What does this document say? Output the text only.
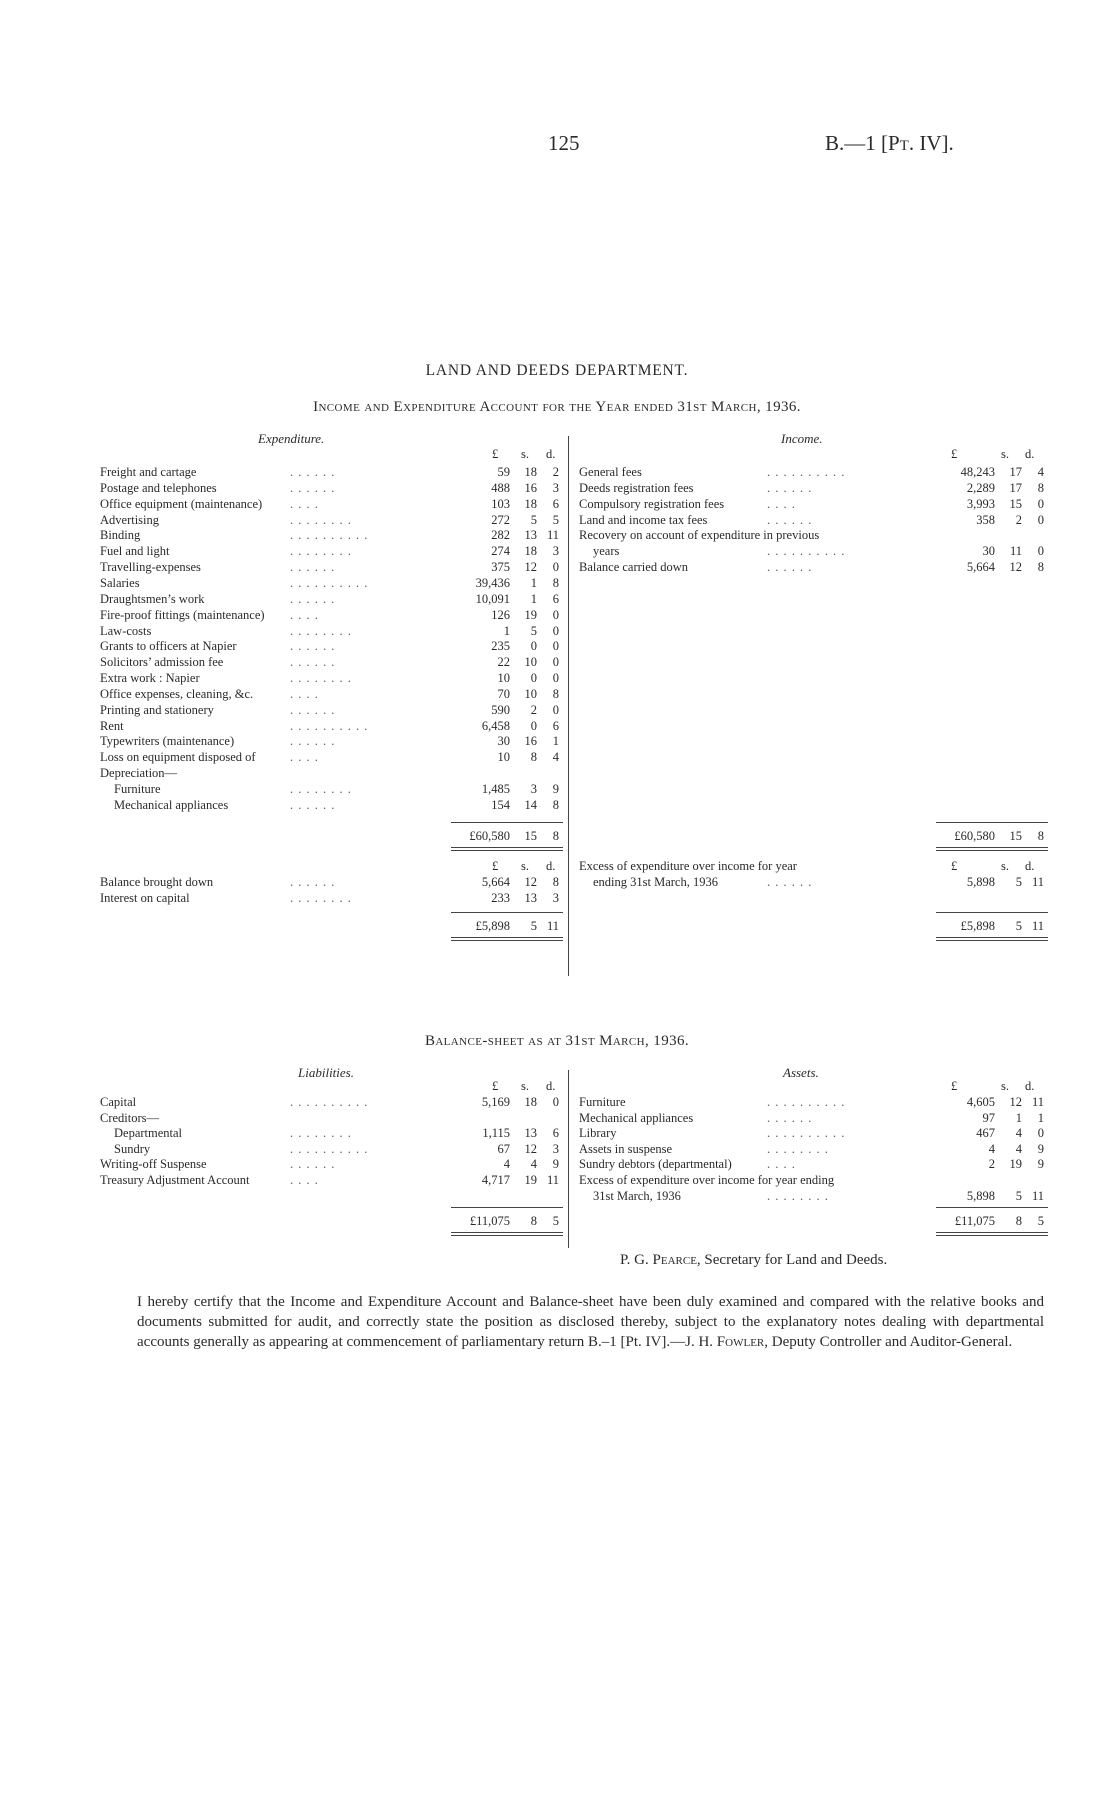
125	B.—1 [Pt. IV].
LAND AND DEEDS DEPARTMENT.
Income and Expenditure Account for the Year ended 31st March, 1936.
Expenditure.	Income.
£ s. d.	£	s. d.
Freight and cartage	. . . . . .	59 18 2
Postage and telephones	. . . . . .	488 16 3
Office equipment (maintenance) . . . .	103 18 6
Advertising	. . . . . . . .	272 5 5
Binding	. . . . . . . . . .	282 13 11
Fuel and light	. . . . . . . .	274 18 3
Travelling-expenses	. . . . . .	375 12 0
Salaries	. . . . . . . . . .	39,436 1 8
Draughtsmen’s work	. . . . . .	10,091 1 6
Fire-proof fittings (maintenance) . . . .	126 19 0
Law-costs	. . . . . . . .	1 5 0
Grants to officers at Napier	. . . . . .	235 0 0
Solicitors’ admission fee	. . . . . .	22 10 0
Extra work : Napier	. . . . . . . .	10 0 0
Office expenses, cleaning, &c.	. . . .	70 10 8
Printing and stationery	. . . . . .	590 2 0
Rent	. . . . . . . . . .	6,458 0 6
Typewriters (maintenance)	. . . . . .	30 16 1
Loss on equipment disposed of	. . . .	10 8 4
Depreciation—
Furniture	. . . . . . . .	1,485 3 9
Mechanical appliances	. . . . . .	154 14 8
General fees	. . . . . . . . . .	48,243 17 4
Deeds registration fees	. . . . . .	2,289 17 8
Compulsory registration fees	. . . .	3,993 15 0
Land and income tax fees	. . . . . .	358 2 0
Recovery on account of expenditure in previous
years	. . . . . . . . . .	30 11 0
Balance carried down	. . . . . .	5,664 12 8
£60,580 15 8	£60,580 15 8
£ s. d.	£	s. d.
Balance brought down	. . . . . .	5,664 12 8
Interest on capital	. . . . . . . .	233 13 3
Excess of expenditure over income for year
ending 31st March, 1936	. . . . . .	5,898 5 11
£5,898 5 11	£5,898 5 11
Balance-sheet as at 31st March, 1936.
Liabilities.	Assets.
£ s. d.	£	s. d.
Capital	. . . . . . . . . .	5,169 18 0
Creditors—
Departmental	. . . . . . . .	1,115 13 6
Sundry	. . . . . . . . . .	67 12 3
Writing-off Suspense	. . . . . .	4 4 9
Treasury Adjustment Account	. . . .	4,717 19 11
Furniture	. . . . . . . . . .	4,605 12 11
Mechanical appliances	. . . . . .	97 1 1
Library	. . . . . . . . . .	467 4 0
Assets in suspense	. . . . . . . .	4 4 9
Sundry debtors (departmental)	. . . .	2 19 9
Excess of expenditure over income for year ending
31st March, 1936	. . . . . . . .	5,898 5 11
£11,075 8 5	£11,075 8 5
P. G. Pearce, Secretary for Land and Deeds.
I hereby certify that the Income and Expenditure Account and Balance-sheet have been duly examined and compared with the relative books and documents submitted for audit, and correctly state the position as disclosed thereby, subject to the explanatory notes dealing with departmental accounts generally as appearing at commencement of parliamentary return B.–1 [Pt. IV].—J. H. Fowler, Deputy Controller and Auditor-General.
